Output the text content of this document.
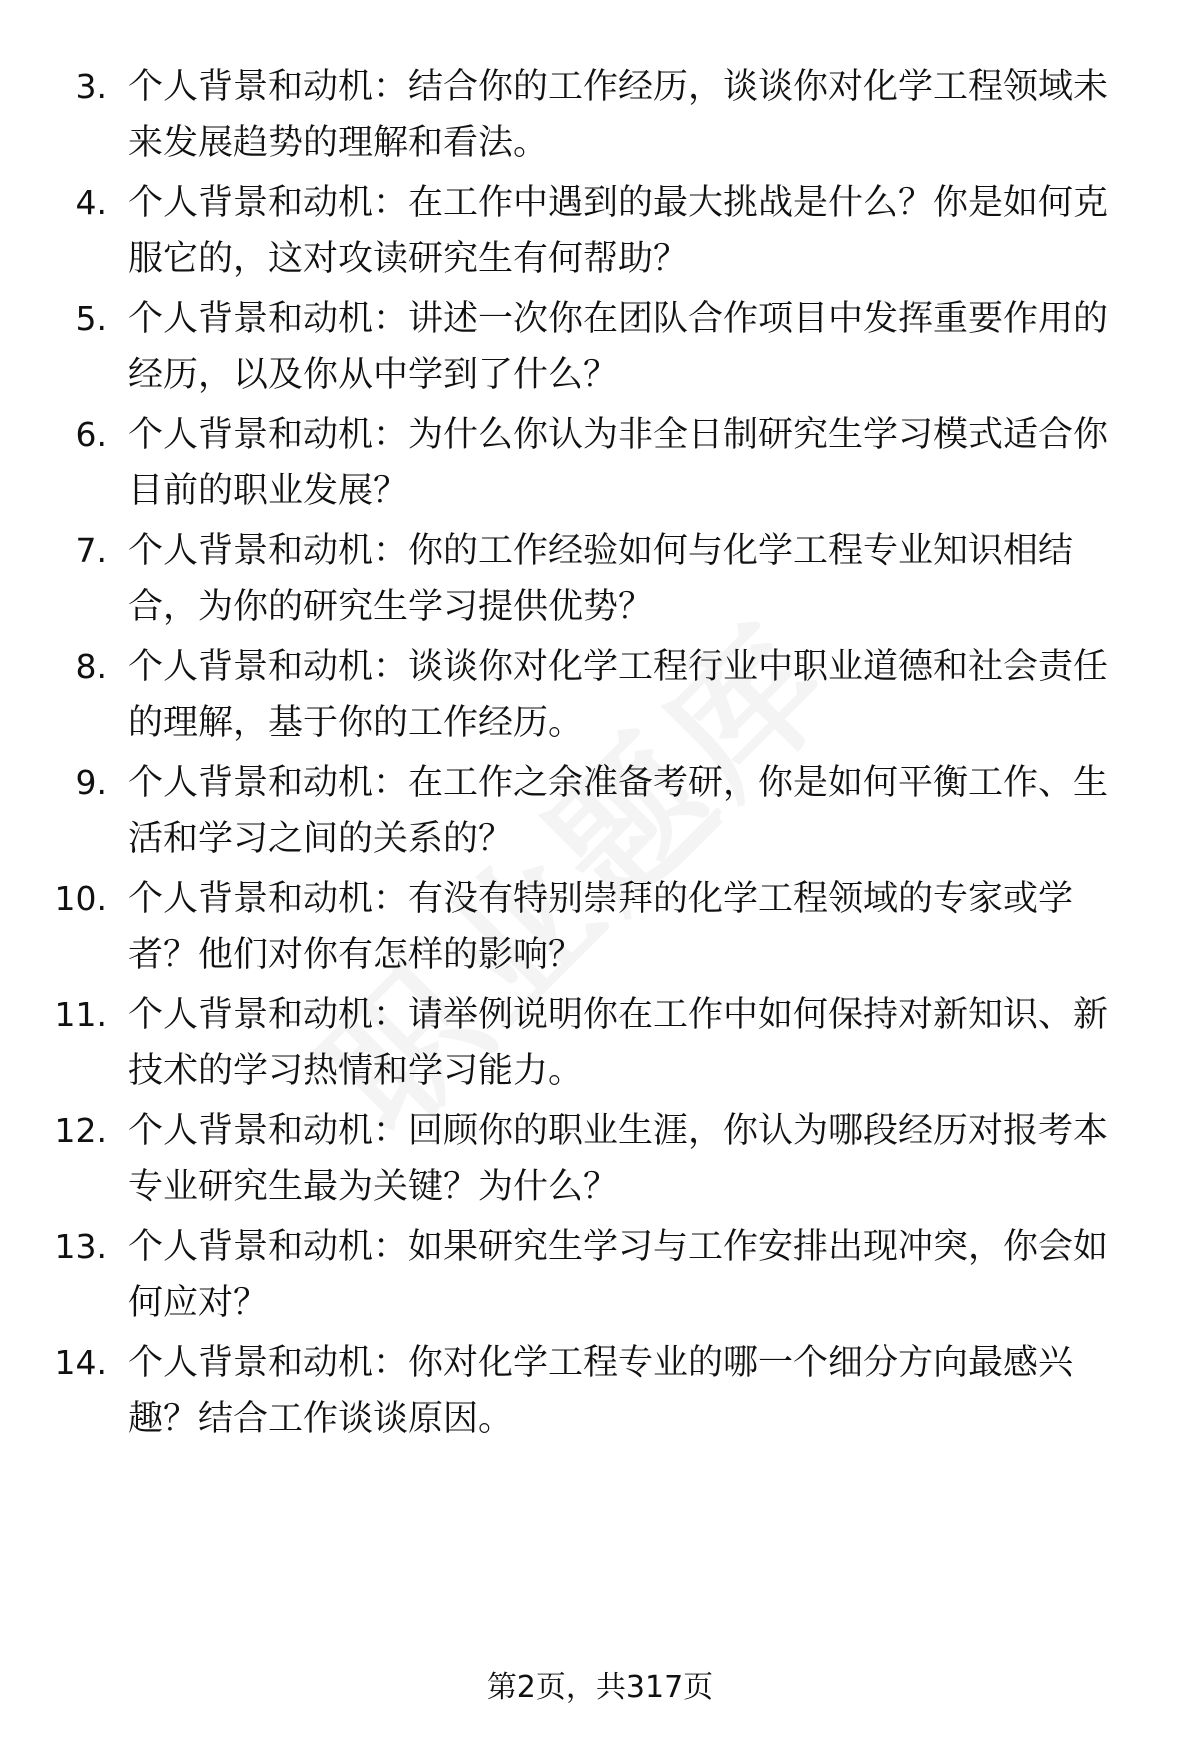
3. 个人背景和动机：结合你的工作经历，谈谈你对化学工程领域未来发展趋势的理解和看法。
4. 个人背景和动机：在工作中遇到的最大挑战是什么？你是如何克服它的，这对攻读研究生有何帮助？
5. 个人背景和动机：讲述一次你在团队合作项目中发挥重要作用的经历，以及你从中学到了什么？
6. 个人背景和动机：为什么你认为非全日制研究生学习模式适合你目前的职业发展？
7. 个人背景和动机：你的工作经验如何与化学工程专业知识相结合，为你的研究生学习提供优势？
8. 个人背景和动机：谈谈你对化学工程行业中职业道德和社会责任的理解，基于你的工作经历。
9. 个人背景和动机：在工作之余准备考研，你是如何平衡工作、生活和学习之间的关系的？
10. 个人背景和动机：有没有特别崇拜的化学工程领域的专家或学者？他们对你有怎样的影响？
11. 个人背景和动机：请举例说明你在工作中如何保持对新知识、新技术的学习热情和学习能力。
12. 个人背景和动机：回顾你的职业生涯，你认为哪段经历对报考本专业研究生最为关键？为什么？
13. 个人背景和动机：如果研究生学习与工作安排出现冲突，你会如何应对？
14. 个人背景和动机：你对化学工程专业的哪一个细分方向最感兴趣？结合工作谈谈原因。
第2页，共317页
